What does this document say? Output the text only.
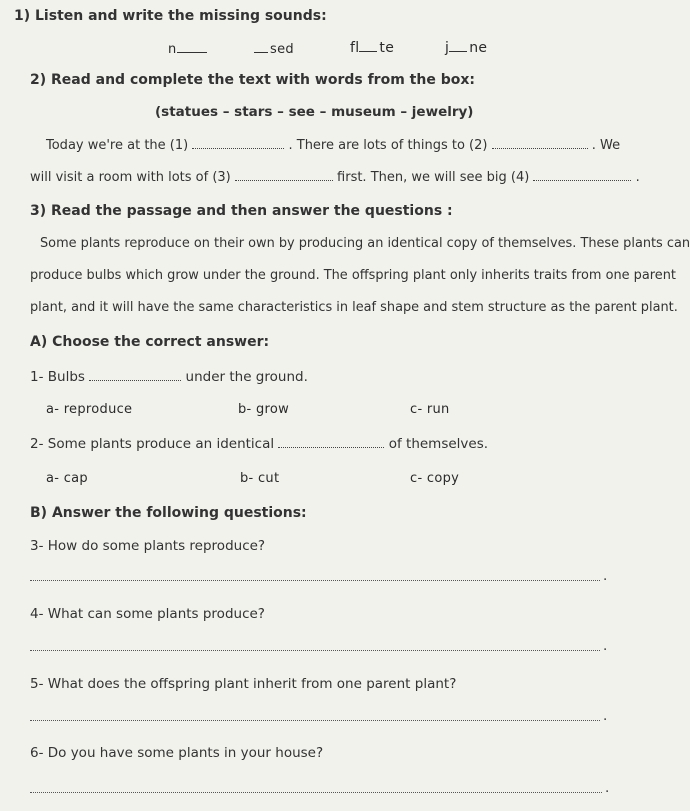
1) Listen and write the missing sounds:
n	sed	fl te	j ne
2) Read and complete the text with words from the box:
(statues – stars – see – museum – jewelry)
Today we're at the (1)	. There are lots of things to (2)	. We
will visit a room with lots of (3)	first. Then, we will see big (4)	.
3) Read the passage and then answer the questions :
Some plants reproduce on their own by producing an identical copy of themselves. These plants can
produce bulbs which grow under the ground. The offspring plant only inherits traits from one parent
plant, and it will have the same characteristics in leaf shape and stem structure as the parent plant.
A) Choose the correct answer:
1- Bulbs	under the ground.
a- reproduce	b- grow	c- run
2- Some plants produce an identical	of themselves.
a- cap	b- cut	c- copy
B) Answer the following questions:
3- How do some plants reproduce?
.
4- What can some plants produce?
.
5- What does the offspring plant inherit from one parent plant?
.
6- Do you have some plants in your house?
.
